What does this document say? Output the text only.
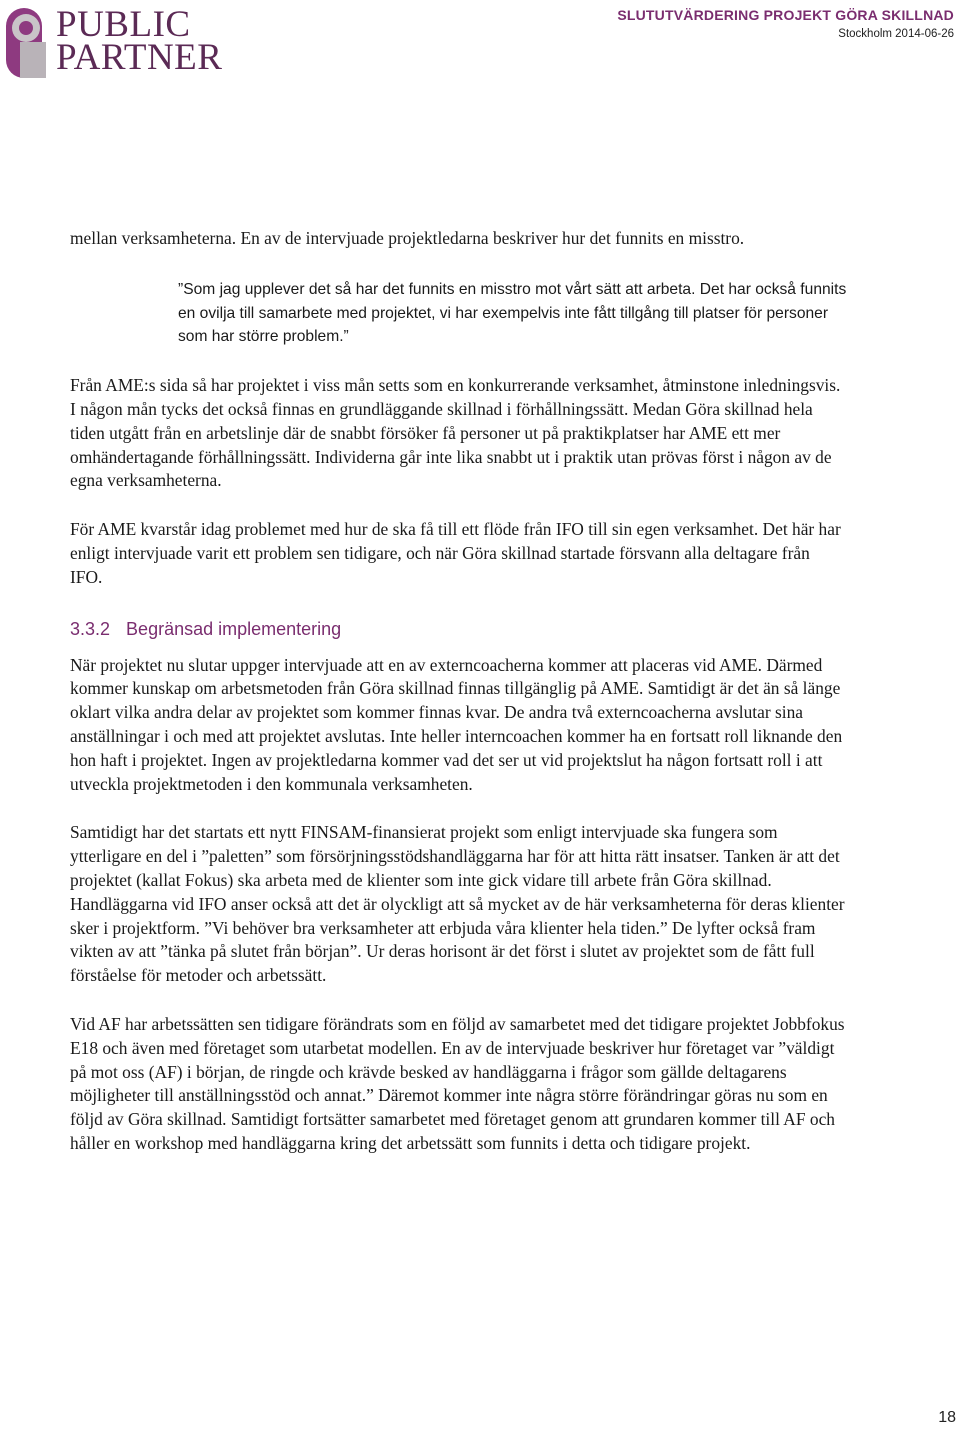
PUBLIC
PARTNER
SLUTUTVÄRDERING PROJEKT GÖRA SKILLNAD
Stockholm 2014-06-26

mellan verksamheterna. En av de intervjuade projektledarna beskriver hur det funnits en misstro.

”Som jag upplever det så har det funnits en misstro mot vårt sätt att arbeta. Det har också funnits en ovilja till samarbete med projektet, vi har exempelvis inte fått tillgång till platser för personer som har större problem.”

Från AME:s sida så har projektet i viss mån setts som en konkurrerande verksamhet, åtminstone inledningsvis. I någon mån tycks det också finnas en grundläggande skillnad i förhållningssätt. Medan Göra skillnad hela tiden utgått från en arbetslinje där de snabbt försöker få personer ut på praktikplatser har AME ett mer omhändertagande förhållningssätt. Individerna går inte lika snabbt ut i praktik utan prövas först i någon av de egna verksamheterna.

För AME kvarstår idag problemet med hur de ska få till ett flöde från IFO till sin egen verksamhet. Det här har enligt intervjuade varit ett problem sen tidigare, och när Göra skillnad startade försvann alla deltagare från IFO.

3.3.2 Begränsad implementering

När projektet nu slutar uppger intervjuade att en av externcoacherna kommer att placeras vid AME. Därmed kommer kunskap om arbetsmetoden från Göra skillnad finnas tillgänglig på AME. Samtidigt är det än så länge oklart vilka andra delar av projektet som kommer finnas kvar. De andra två externcoacherna avslutar sina anställningar i och med att projektet avslutas. Inte heller interncoachen kommer ha en fortsatt roll liknande den hon haft i projektet. Ingen av projektledarna kommer vad det ser ut vid projektslut ha någon fortsatt roll i att utveckla projektmetoden i den kommunala verksamheten.

Samtidigt har det startats ett nytt FINSAM-finansierat projekt som enligt intervjuade ska fungera som ytterligare en del i ”paletten” som försörjningsstödshandläggarna har för att hitta rätt insatser. Tanken är att det projektet (kallat Fokus) ska arbeta med de klienter som inte gick vidare till arbete från Göra skillnad. Handläggarna vid IFO anser också att det är olyckligt att så mycket av de här verksamheterna för deras klienter sker i projektform. ”Vi behöver bra verksamheter att erbjuda våra klienter hela tiden.” De lyfter också fram vikten av att ”tänka på slutet från början”. Ur deras horisont är det först i slutet av projektet som de fått full förståelse för metoder och arbetssätt.

Vid AF har arbetssätten sen tidigare förändrats som en följd av samarbetet med det tidigare projektet Jobbfokus E18 och även med företaget som utarbetat modellen. En av de intervjuade beskriver hur företaget var ”väldigt på mot oss (AF) i början, de ringde och krävde besked av handläggarna i frågor som gällde deltagarens möjligheter till anställningsstöd och annat.” Däremot kommer inte några större förändringar göras nu som en följd av Göra skillnad. Samtidigt fortsätter samarbetet med företaget genom att grundaren kommer till AF och håller en workshop med handläggarna kring det arbetssätt som funnits i detta och tidigare projekt.

18
